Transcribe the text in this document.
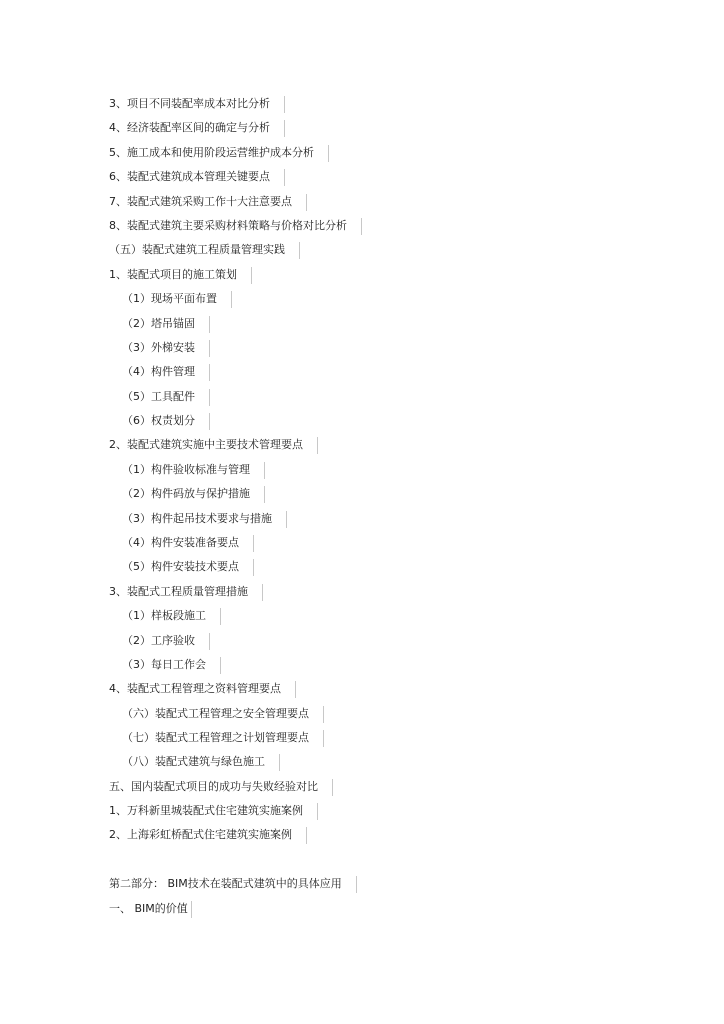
3、项目不同装配率成本对比分析
4、经济装配率区间的确定与分析
5、施工成本和使用阶段运营维护成本分析
6、装配式建筑成本管理关键要点
7、装配式建筑采购工作十大注意要点
8、装配式建筑主要采购材料策略与价格对比分析
（五）装配式建筑工程质量管理实践
1、装配式项目的施工策划
（1）现场平面布置
（2）塔吊锚固
（3）外梯安装
（4）构件管理
（5）工具配件
（6）权责划分
2、装配式建筑实施中主要技术管理要点
（1）构件验收标准与管理
（2）构件码放与保护措施
（3）构件起吊技术要求与措施
（4）构件安装准备要点
（5）构件安装技术要点
3、装配式工程质量管理措施
（1）样板段施工
（2）工序验收
（3）每日工作会
4、装配式工程管理之资料管理要点
（六）装配式工程管理之安全管理要点
（七）装配式工程管理之计划管理要点
（八）装配式建筑与绿色施工
五、国内装配式项目的成功与失败经验对比
1、万科新里城装配式住宅建筑实施案例
2、上海彩虹桥配式住宅建筑实施案例
第二部分： BIM技术在装配式建筑中的具体应用
一、 BIM的价值
